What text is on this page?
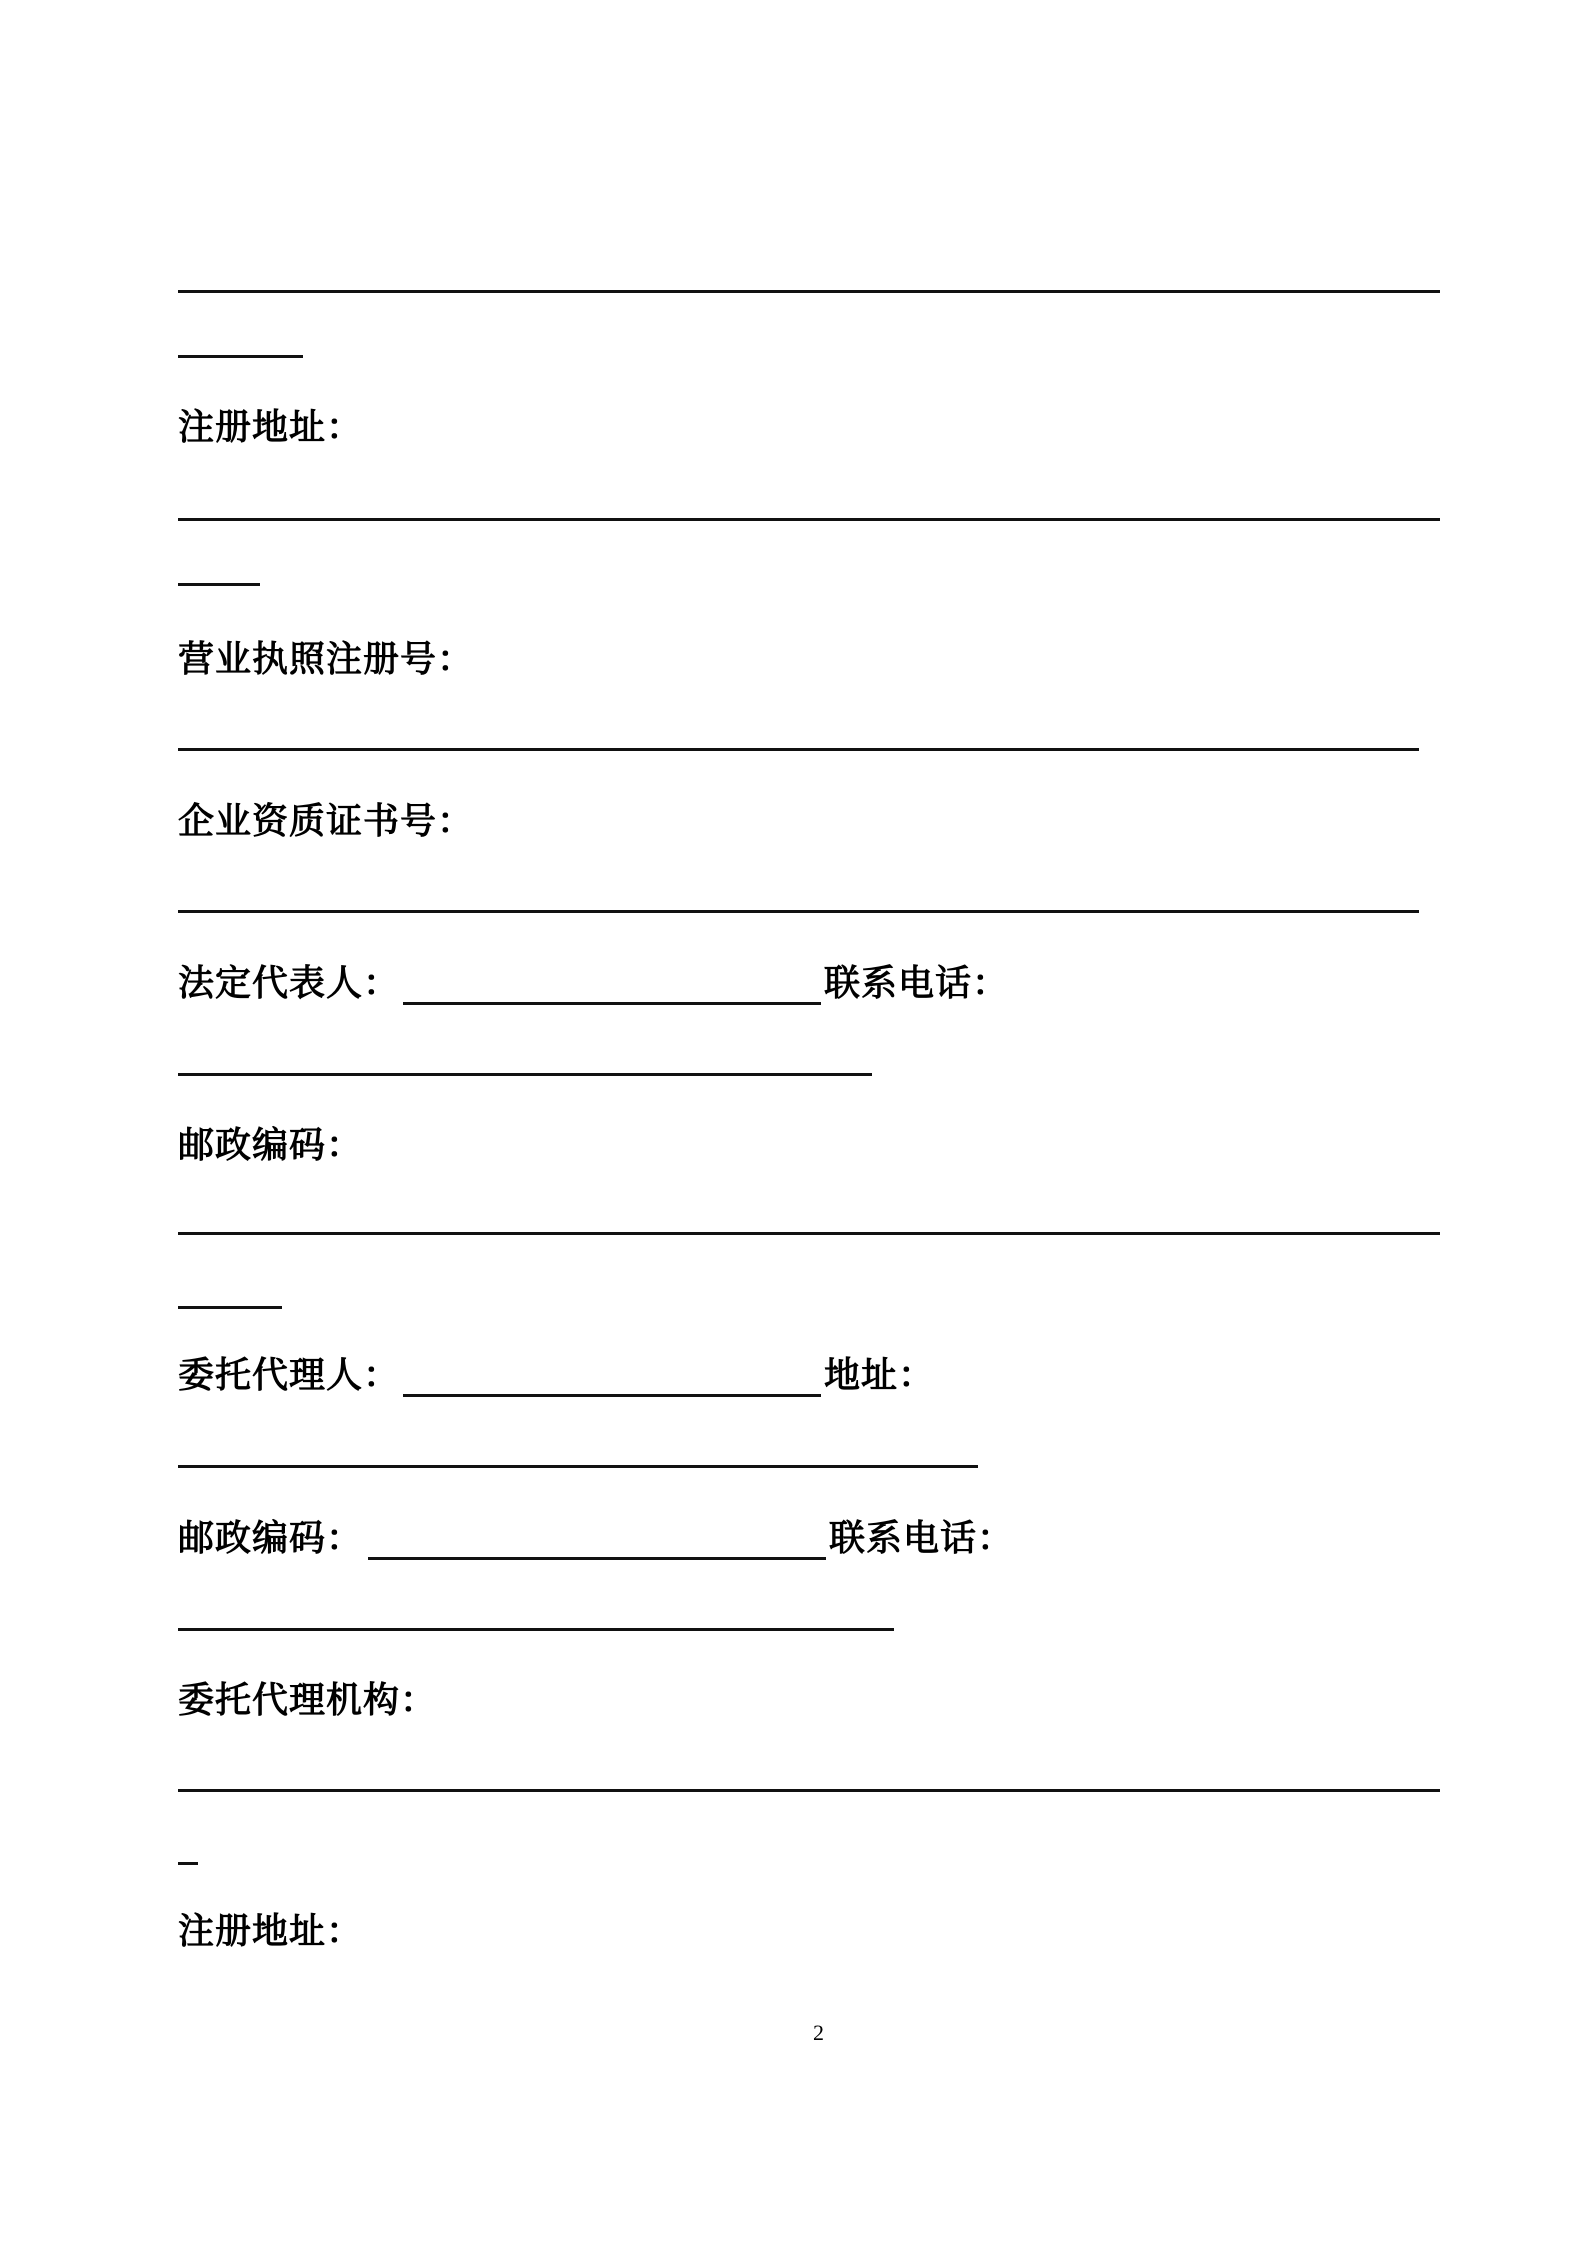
注册地址：
营业执照注册号：
企业资质证书号：
法定代表人：	联系电话：
邮政编码：
委托代理人：	地址：
邮政编码：	联系电话：
委托代理机构：
注册地址：
2
